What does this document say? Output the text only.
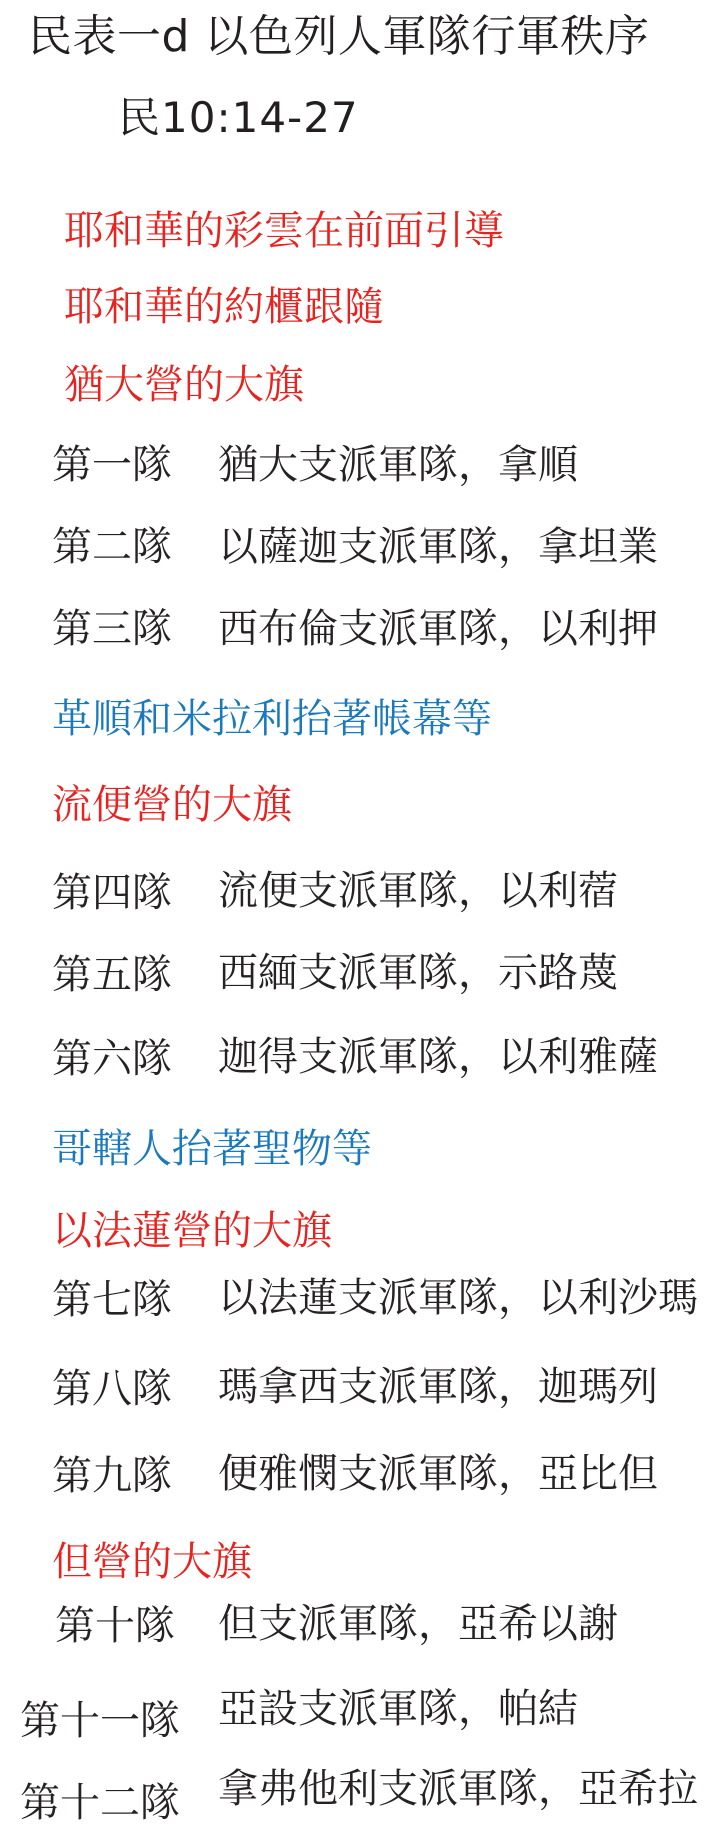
民表一d 以色列人軍隊行軍秩序
民10:14-27
耶和華的彩雲在前面引導
耶和華的約櫃跟隨
猶大營的大旗
第一隊 猶大支派軍隊，拿順
第二隊 以薩迦支派軍隊，拿坦業
第三隊 西布倫支派軍隊，以利押
革順和米拉利抬著帳幕等
流便營的大旗
第四隊 流便支派軍隊，以利蓿
第五隊 西緬支派軍隊，示路蔑
第六隊 迦得支派軍隊，以利雅薩
哥轄人抬著聖物等
以法蓮營的大旗
第七隊 以法蓮支派軍隊，以利沙瑪
第八隊 瑪拿西支派軍隊，迦瑪列
第九隊 便雅憫支派軍隊，亞比但
但營的大旗
第十隊 但支派軍隊，亞希以謝
第十一隊 亞設支派軍隊，帕結
第十二隊 拿弗他利支派軍隊，亞希拉
